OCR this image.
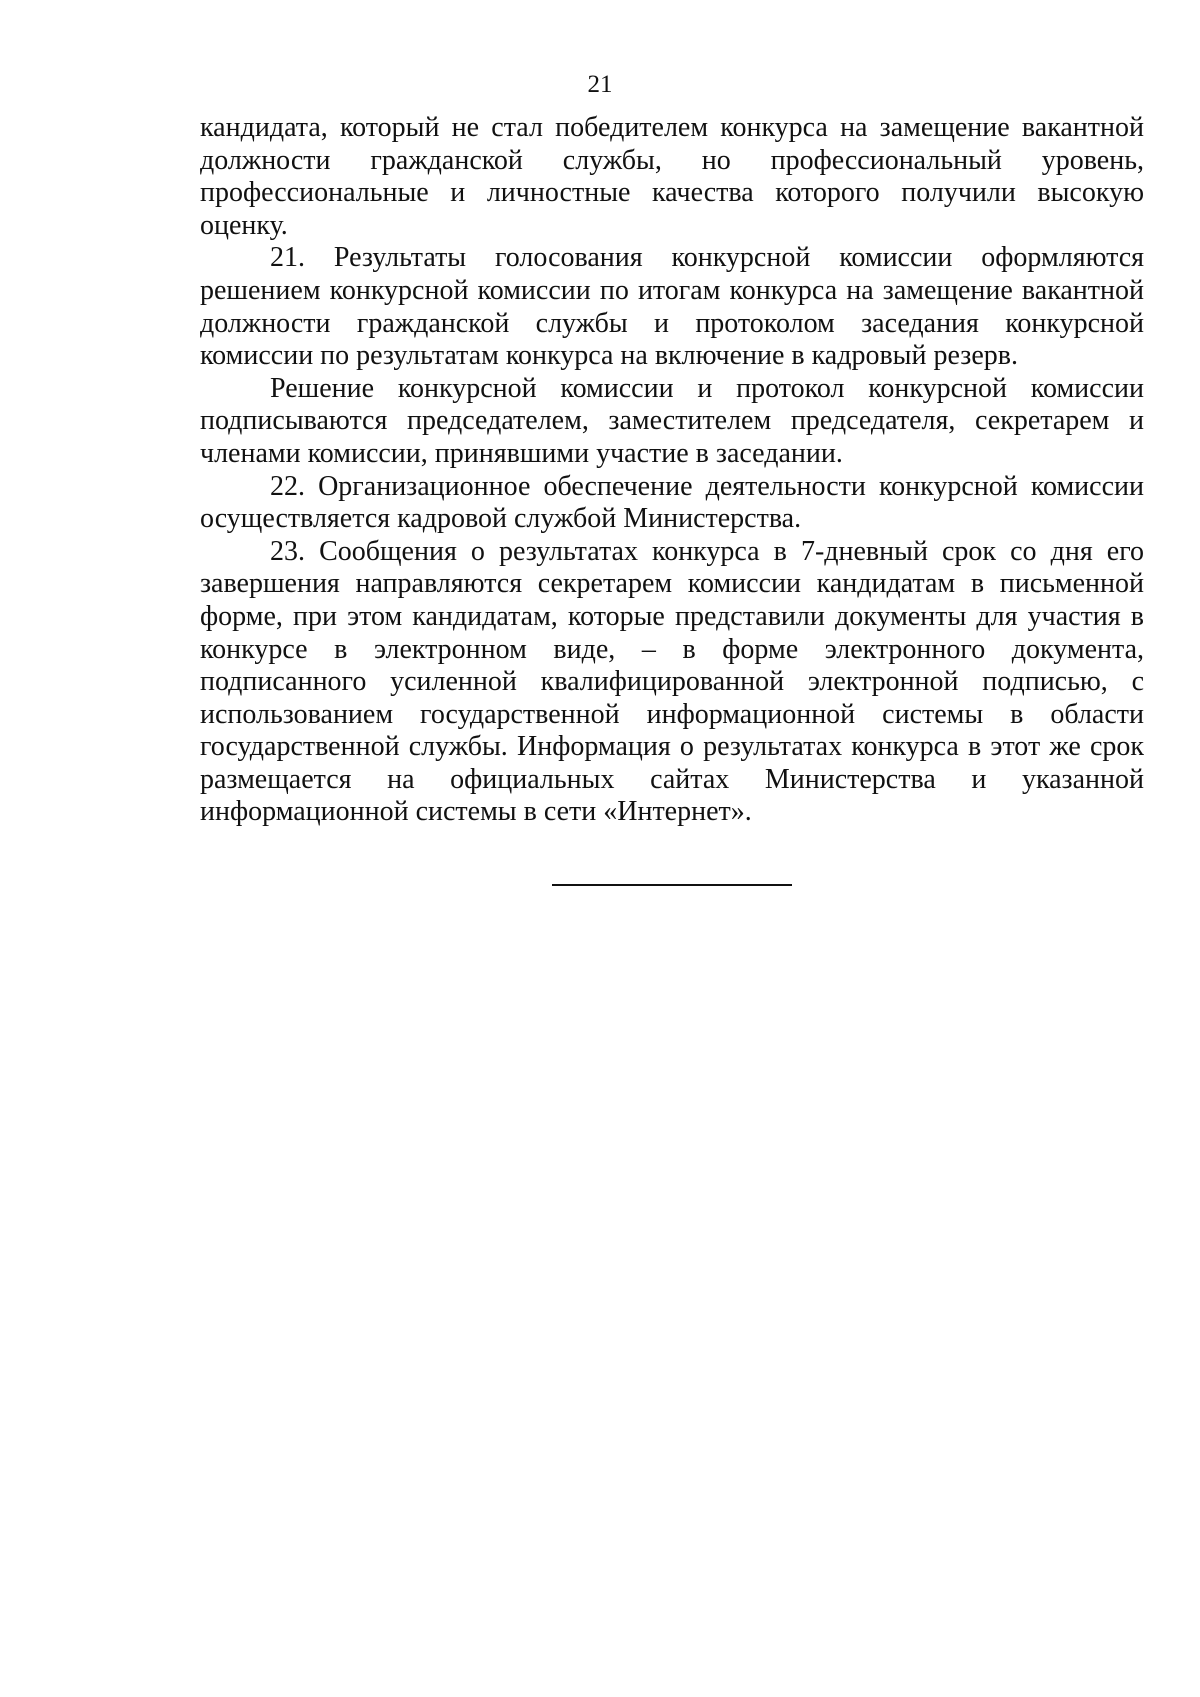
21

кандидата, который не стал победителем конкурса на замещение вакантной должности гражданской службы, но профессиональный уровень, профессиональные и личностные качества которого получили высокую оценку.

21. Результаты голосования конкурсной комиссии оформляются решением конкурсной комиссии по итогам конкурса на замещение вакантной должности гражданской службы и протоколом заседания конкурсной комиссии по результатам конкурса на включение в кадровый резерв.

Решение конкурсной комиссии и протокол конкурсной комиссии подписываются председателем, заместителем председателя, секретарем и членами комиссии, принявшими участие в заседании.

22. Организационное обеспечение деятельности конкурсной комиссии осуществляется кадровой службой Министерства.

23. Сообщения о результатах конкурса в 7-дневный срок со дня его завершения направляются секретарем комиссии кандидатам в письменной форме, при этом кандидатам, которые представили документы для участия в конкурсе в электронном виде, – в форме электронного документа, подписанного усиленной квалифицированной электронной подписью, с использованием государственной информационной системы в области государственной службы. Информация о результатах конкурса в этот же срок размещается на официальных сайтах Министерства и указанной информационной системы в сети «Интернет».
